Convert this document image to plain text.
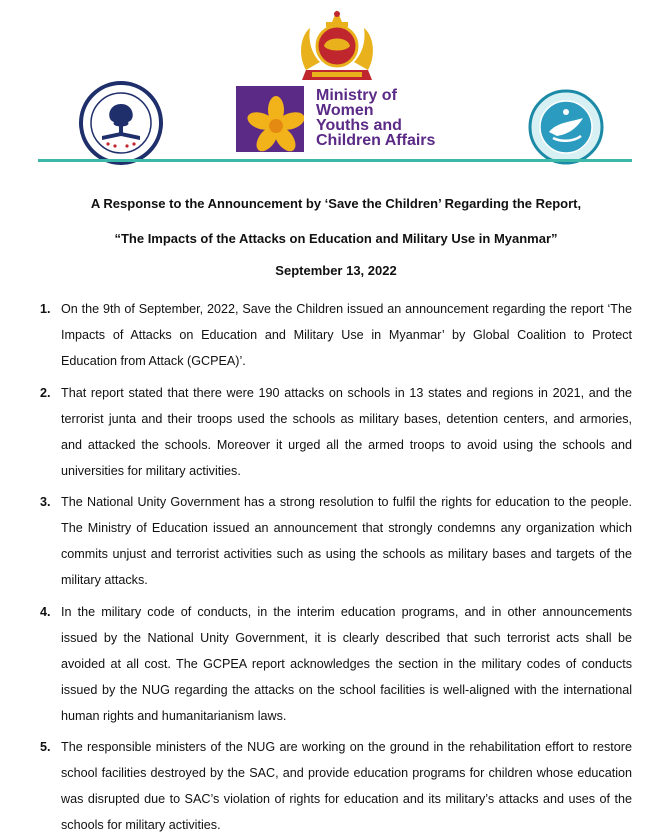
Ministry of
Women
Youths and
Children Affairs
A Response to the Announcement by ‘Save the Children’ Regarding the Report,
“The Impacts of the Attacks on Education and Military Use in Myanmar”
September 13, 2022
1. On the 9th of September, 2022, Save the Children issued an announcement regarding the report ‘The Impacts of Attacks on Education and Military Use in Myanmar’ by Global Coalition to Protect Education from Attack (GCPEA)’.
2. That report stated that there were 190 attacks on schools in 13 states and regions in 2021, and the terrorist junta and their troops used the schools as military bases, detention centers, and armories, and attacked the schools. Moreover it urged all the armed troops to avoid using the schools and universities for military activities.
3. The National Unity Government has a strong resolution to fulfil the rights for education to the people. The Ministry of Education issued an announcement that strongly condemns any organization which commits unjust and terrorist activities such as using the schools as military bases and targets of the military attacks.
4. In the military code of conducts, in the interim education programs, and in other announcements issued by the National Unity Government, it is clearly described that such terrorist acts shall be avoided at all cost. The GCPEA report acknowledges the section in the military codes of conducts issued by the NUG regarding the attacks on the school facilities is well-aligned with the international human rights and humanitarianism laws.
5. The responsible ministers of the NUG are working on the ground in the rehabilitation effort to restore school facilities destroyed by the SAC, and provide education programs for children whose education was disrupted due to SAC’s violation of rights for education and its military’s attacks and uses of the schools for military activities.
